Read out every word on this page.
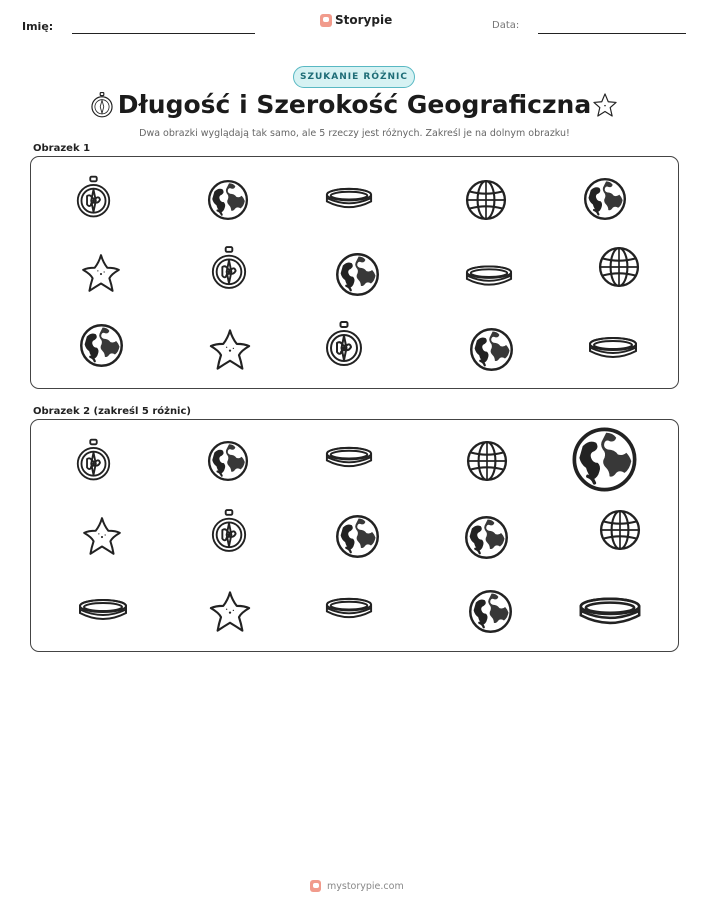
Imię:	Storypie	Data:
SZUKANIE RÓŻNIC
Długość i Szerokość Geograficzna
Dwa obrazki wyglądają tak samo, ale 5 rzeczy jest różnych. Zakreśl je na dolnym obrazku!
Obrazek 1
Obrazek 2 (zakreśl 5 różnic)
mystorypie.com
